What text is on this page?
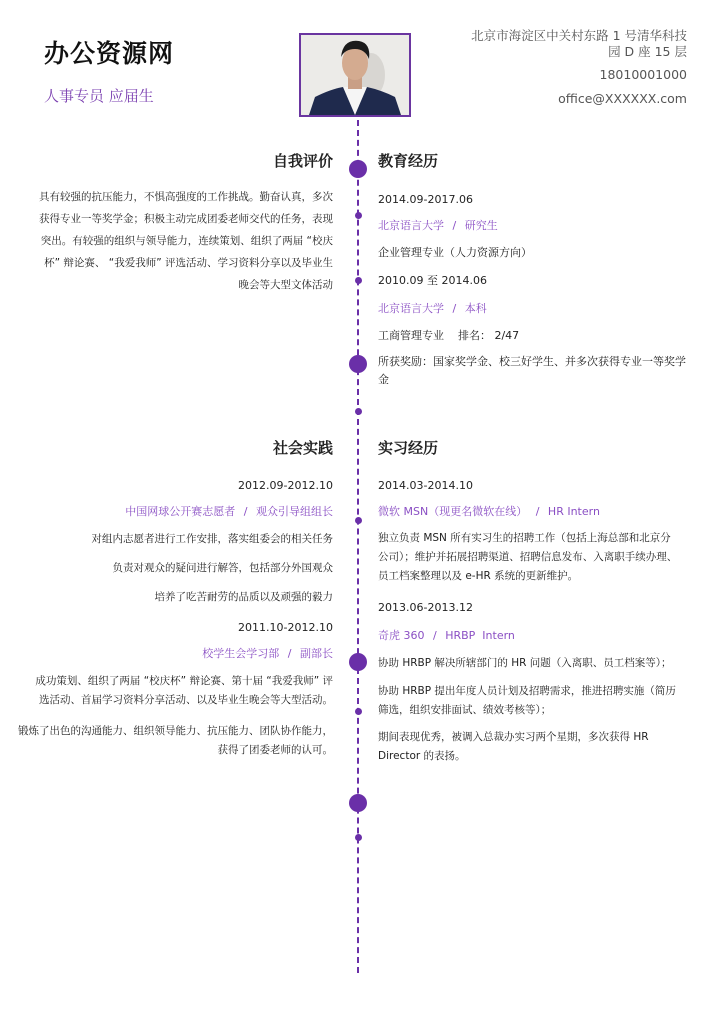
办公资源网
人事专员 应届生
北京市海淀区中关村东路 1 号清华科技
园 D 座 15 层
18010001000
office@XXXXXX.com
自我评价
具有较强的抗压能力，不惧高强度的工作挑战。勤奋认真，多次
获得专业一等奖学金；积极主动完成团委老师交代的任务，表现
突出。有较强的组织与领导能力，连续策划、组织了两届 “校庆
杯” 辩论赛、 “我爱我师” 评选活动、学习资料分享以及毕业生
晚会等大型文体活动
教育经历
2014.09-2017.06
北京语言大学 / 研究生
企业管理专业（人力资源方向）
2010.09 至 2014.06
北京语言大学 / 本科
工商管理专业    排名： 2/47
所获奖励：国家奖学金、校三好学生、并多次获得专业一等奖学
金
社会实践
2012.09-2012.10
中国网球公开赛志愿者 / 观众引导组组长
对组内志愿者进行工作安排，落实组委会的相关任务
负责对观众的疑问进行解答，包括部分外国观众
培养了吃苦耐劳的品质以及顽强的毅力
2011.10-2012.10
校学生会学习部 / 副部长
成功策划、组织了两届 “校庆杯” 辩论赛、第十届 “我爱我师” 评
选活动、首届学习资料分享活动、以及毕业生晚会等大型活动。
锻炼了出色的沟通能力、组织领导能力、抗压能力、团队协作能力，
获得了团委老师的认可。
实习经历
2014.03-2014.10
微软 MSN（现更名微软在线） / HR Intern
独立负责 MSN 所有实习生的招聘工作（包括上海总部和北京分
公司）；维护并拓展招聘渠道、招聘信息发布、入离职手续办理、
员工档案整理以及 e-HR 系统的更新维护。
2013.06-2013.12
奇虎 360 / HRBP  Intern
协助 HRBP 解决所辖部门的 HR 问题（入离职、员工档案等）；
协助 HRBP 提出年度人员计划及招聘需求，推进招聘实施（简历
筛选，组织安排面试、绩效考核等）；
期间表现优秀，被调入总裁办实习两个星期，多次获得 HR
Director 的表扬。
